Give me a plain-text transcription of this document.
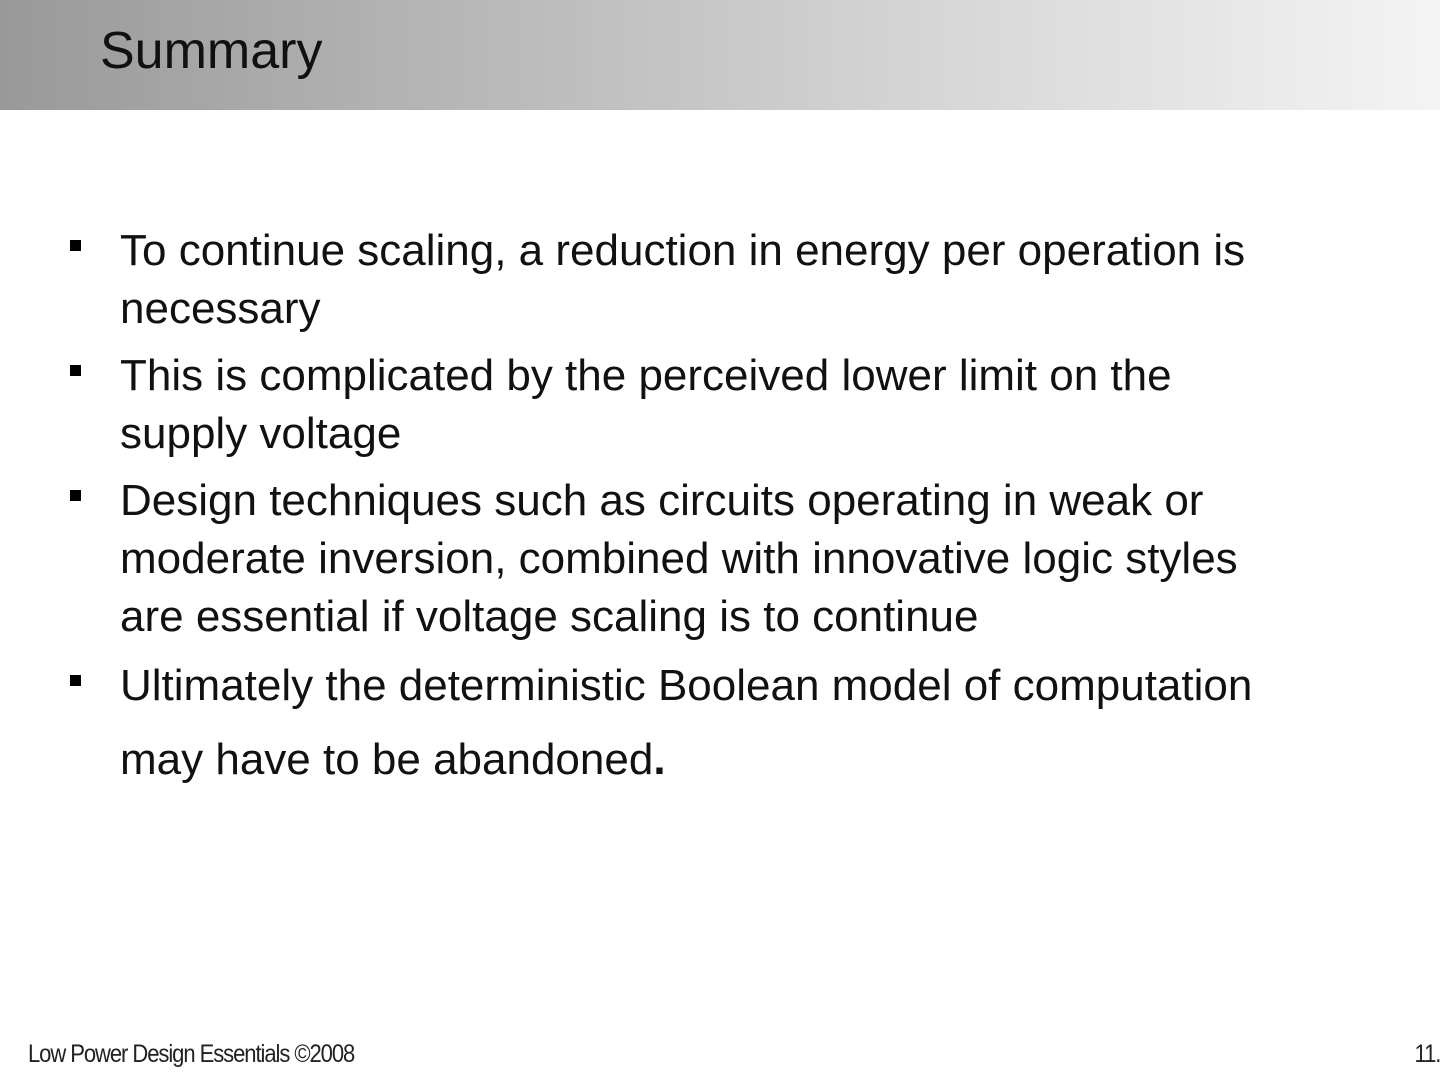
Summary
To continue scaling, a reduction in energy per operation is
necessary
This is complicated by the perceived lower limit on the
supply voltage
Design techniques such as circuits operating in weak or
moderate inversion, combined with innovative logic styles
are essential if voltage scaling is to continue
Ultimately the deterministic Boolean model of computation
may have to be abandoned.
Low Power Design Essentials ©2008	11.
